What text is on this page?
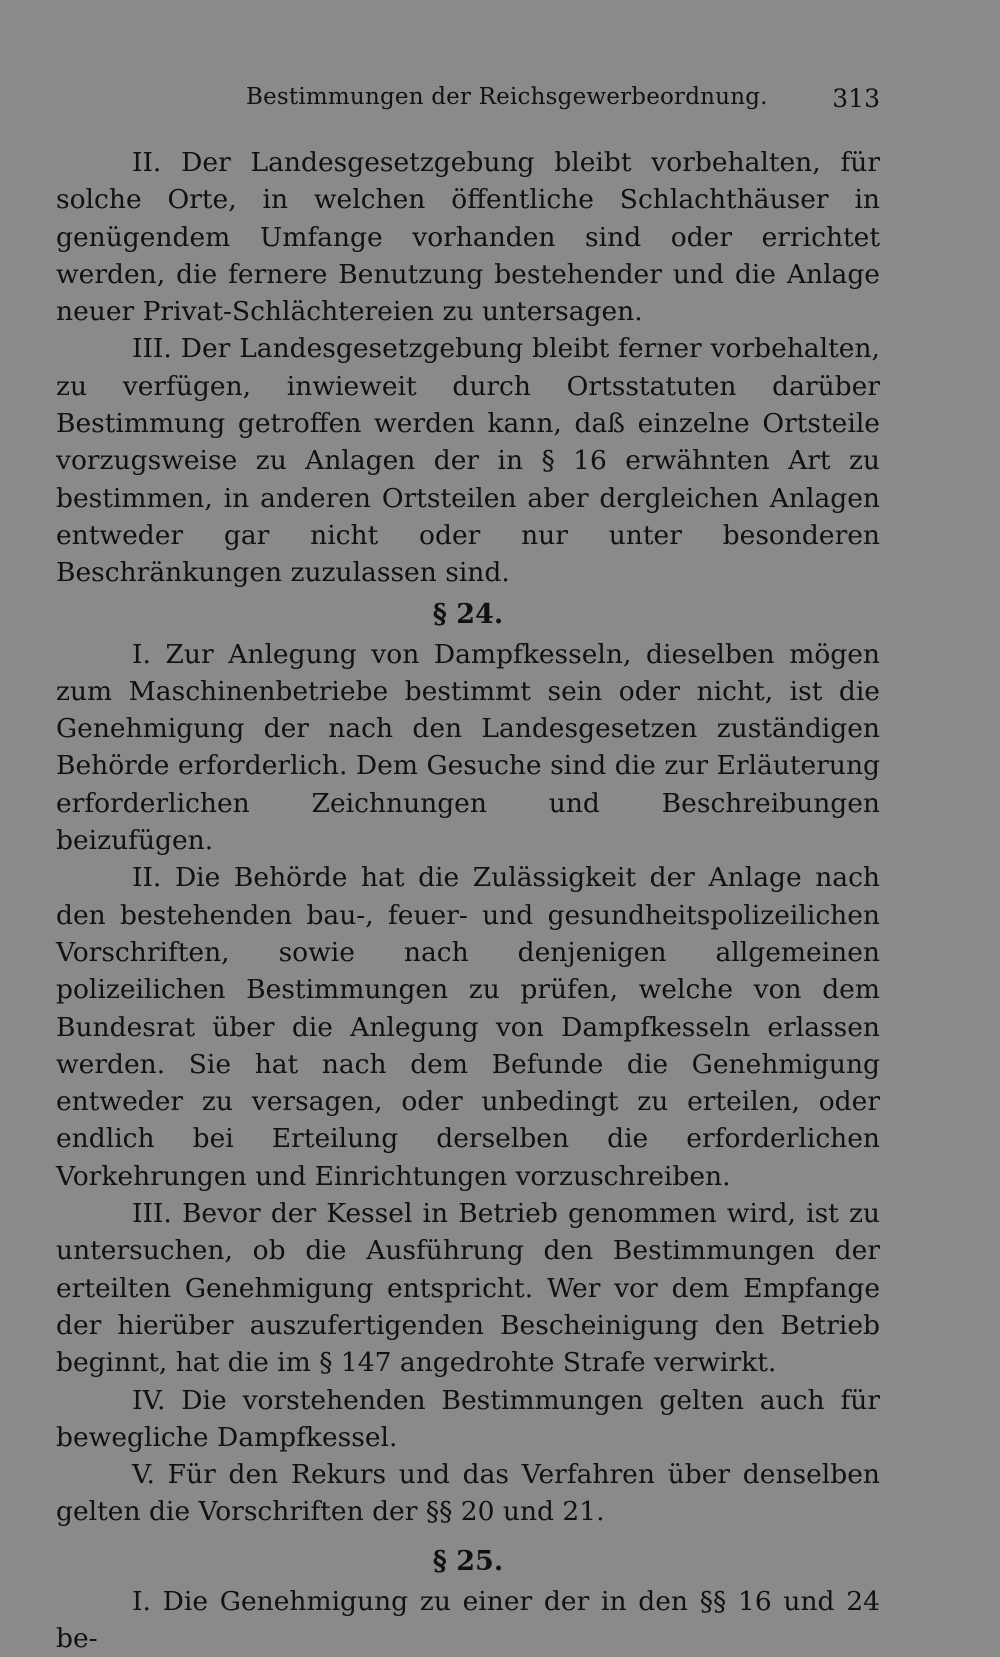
Bestimmungen der Reichsgewerbeordnung.	313

II. Der Landesgesetzgebung bleibt vorbehalten, für solche Orte, in welchen öffentliche Schlachthäuser in genügendem Umfange vorhanden sind oder errichtet werden, die fernere Benutzung bestehender und die Anlage neuer Privat-Schlächtereien zu untersagen.

III. Der Landesgesetzgebung bleibt ferner vorbehalten, zu verfügen, inwieweit durch Ortsstatuten darüber Bestimmung getroffen werden kann, daß einzelne Ortsteile vorzugsweise zu Anlagen der in § 16 erwähnten Art zu bestimmen, in anderen Ortsteilen aber dergleichen Anlagen entweder gar nicht oder nur unter besonderen Beschränkungen zuzulassen sind.

§ 24.

I. Zur Anlegung von Dampfkesseln, dieselben mögen zum Maschinenbetriebe bestimmt sein oder nicht, ist die Genehmigung der nach den Landesgesetzen zuständigen Behörde erforderlich. Dem Gesuche sind die zur Erläuterung erforderlichen Zeichnungen und Beschreibungen beizufügen.

II. Die Behörde hat die Zulässigkeit der Anlage nach den bestehenden bau-, feuer- und gesundheitspolizeilichen Vorschriften, sowie nach denjenigen allgemeinen polizeilichen Bestimmungen zu prüfen, welche von dem Bundesrat über die Anlegung von Dampfkesseln erlassen werden. Sie hat nach dem Befunde die Genehmigung entweder zu versagen, oder unbedingt zu erteilen, oder endlich bei Erteilung derselben die erforderlichen Vorkehrungen und Einrichtungen vorzuschreiben.

III. Bevor der Kessel in Betrieb genommen wird, ist zu untersuchen, ob die Ausführung den Bestimmungen der erteilten Genehmigung entspricht. Wer vor dem Empfange der hierüber auszufertigenden Bescheinigung den Betrieb beginnt, hat die im § 147 angedrohte Strafe verwirkt.

IV. Die vorstehenden Bestimmungen gelten auch für bewegliche Dampfkessel.

V. Für den Rekurs und das Verfahren über denselben gelten die Vorschriften der §§ 20 und 21.

§ 25.

I. Die Genehmigung zu einer der in den §§ 16 und 24 be-
